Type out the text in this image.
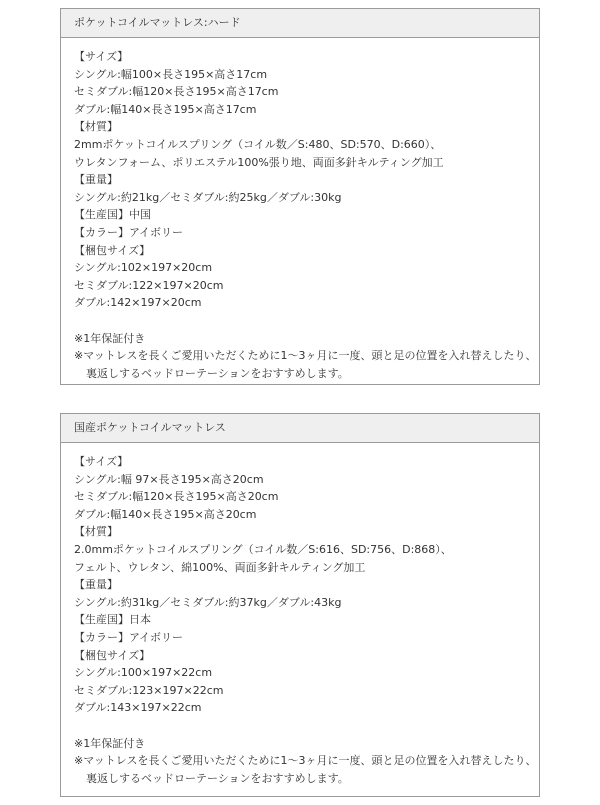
ポケットコイルマットレス:ハード
【サイズ】
シングル:幅100×長さ195×高さ17cm
セミダブル:幅120×長さ195×高さ17cm
ダブル:幅140×長さ195×高さ17cm
【材質】
2mmポケットコイルスプリング（コイル数／S:480、SD:570、D:660）、
ウレタンフォーム、ポリエステル100%張り地、両面多針キルティング加工
【重量】
シングル:約21kg／セミダブル:約25kg／ダブル:30kg
【生産国】中国
【カラー】アイボリー
【梱包サイズ】
シングル:102×197×20cm
セミダブル:122×197×20cm
ダブル:142×197×20cm
※1年保証付き
※マットレスを長くご愛用いただくために1～3ヶ月に一度、頭と足の位置を入れ替えしたり、
裏返しするベッドローテーションをおすすめします。
国産ポケットコイルマットレス
【サイズ】
シングル:幅 97×長さ195×高さ20cm
セミダブル:幅120×長さ195×高さ20cm
ダブル:幅140×長さ195×高さ20cm
【材質】
2.0mmポケットコイルスプリング（コイル数／S:616、SD:756、D:868）、
フェルト、ウレタン、綿100%、両面多針キルティング加工
【重量】
シングル:約31kg／セミダブル:約37kg／ダブル:43kg
【生産国】日本
【カラー】アイボリー
【梱包サイズ】
シングル:100×197×22cm
セミダブル:123×197×22cm
ダブル:143×197×22cm
※1年保証付き
※マットレスを長くご愛用いただくために1～3ヶ月に一度、頭と足の位置を入れ替えしたり、
裏返しするベッドローテーションをおすすめします。
